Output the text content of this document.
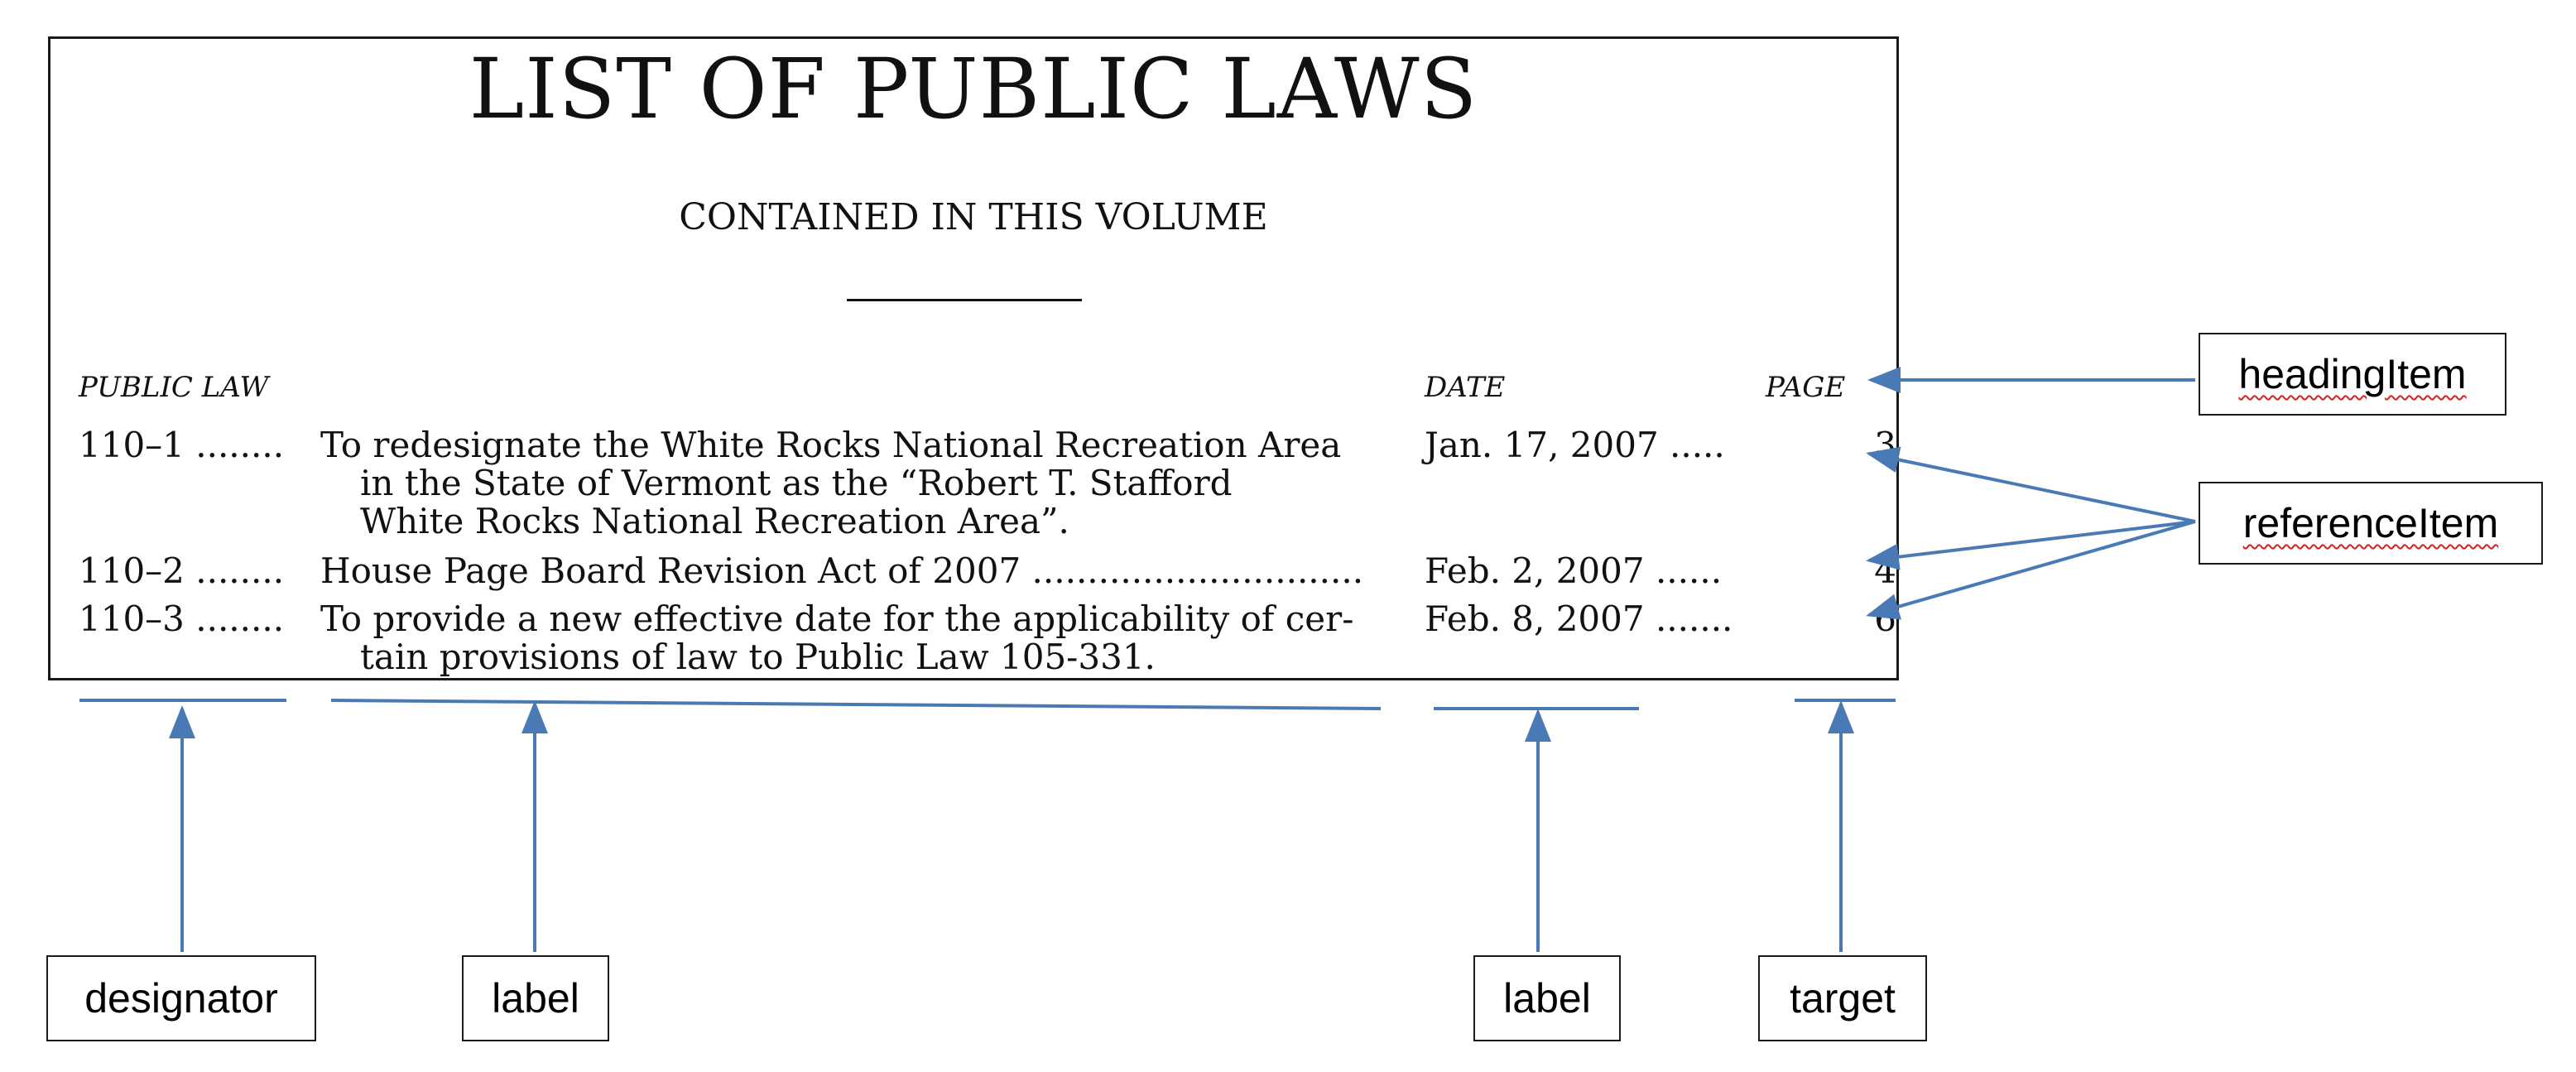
LIST OF PUBLIC LAWS
CONTAINED IN THIS VOLUME
PUBLIC LAW	DATE	PAGE
110–1 ........ To redesignate the White Rocks National Recreation Area
in the State of Vermont as the “Robert T. Stafford
White Rocks National Recreation Area”.
Jan. 17, 2007 .....	3
110–2 ........ House Page Board Revision Act of 2007 .............................. Feb. 2, 2007 ......	4
110–3 ........ To provide a new effective date for the applicability of cer-
tain provisions of law to Public Law 105-331.
Feb. 8, 2007 .......	6
headingItem
referenceItem
designator	label	label	target
